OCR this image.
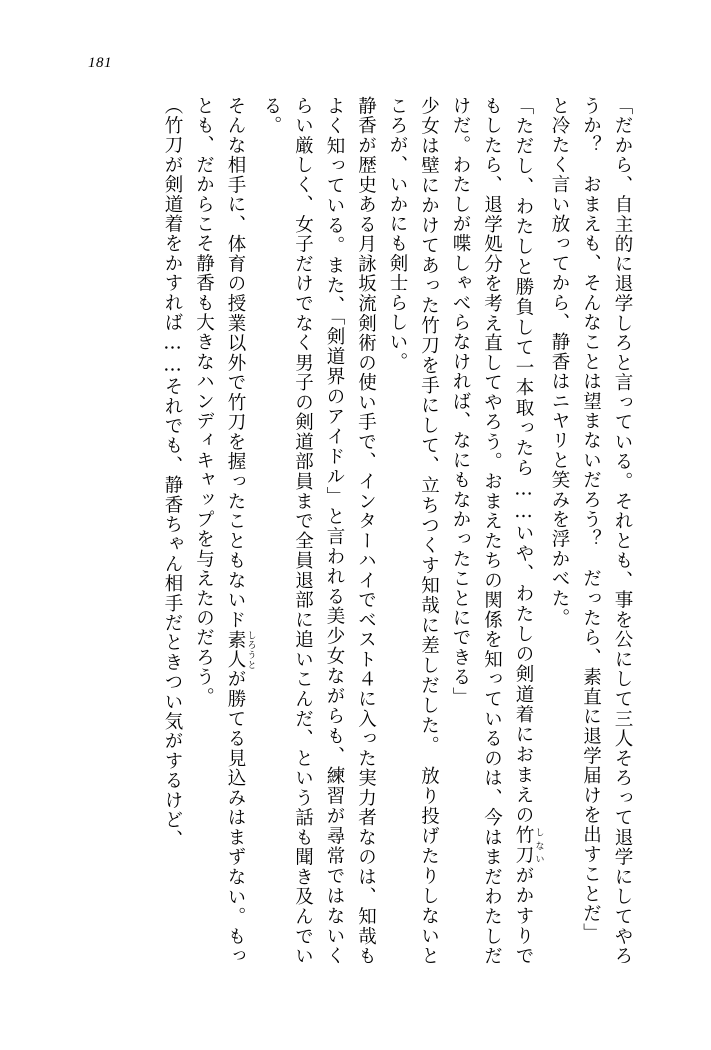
181

「だから、自主的に退学しろと言っている。それとも、事を公にして三人そろって退学にしてやろうか？　おまえも、そんなことは望まないだろう？　だったら、素直に退学届けを出すことだ」

と冷たく言い放ってから、静香はニヤリと笑みを浮かべた。

「ただし、わたしと勝負して一本取ったら……いや、わたしの剣道着におまえの竹刀 しないがかすりでもしたら、退学処分を考え直してやろう。おまえたちの関係を知っているのは、今はまだわたしだけだ。わたしが喋しゃべらなければ、なにもなかったことにできる」

少女は壁にかけてあった竹刀を手にして、立ちつくす知哉に差しだした。　放り投げたりしないところが、いかにも剣士らしい。

静香が歴史ある月詠坂流剣術の使い手で、インターハイでベスト４に入った実力者なのは、知哉もよく知っている。また、「剣道界のアイドル」と言われる美少女ながらも、練習が尋常ではないくらい厳しく、女子だけでなく男子の剣道部員まで全員退部に追いこんだ、という話も聞き及んでいる。

そんな相手に、体育の授業以外で竹刀を握ったこともないド素人 しろうとが勝てる見込みはまずない。もっとも、だからこそ静香も大きなハンディキャップを与えたのだろう。

（竹刀が剣道着をかすれば……それでも、静香ちゃん相手だときつい気がするけど、
